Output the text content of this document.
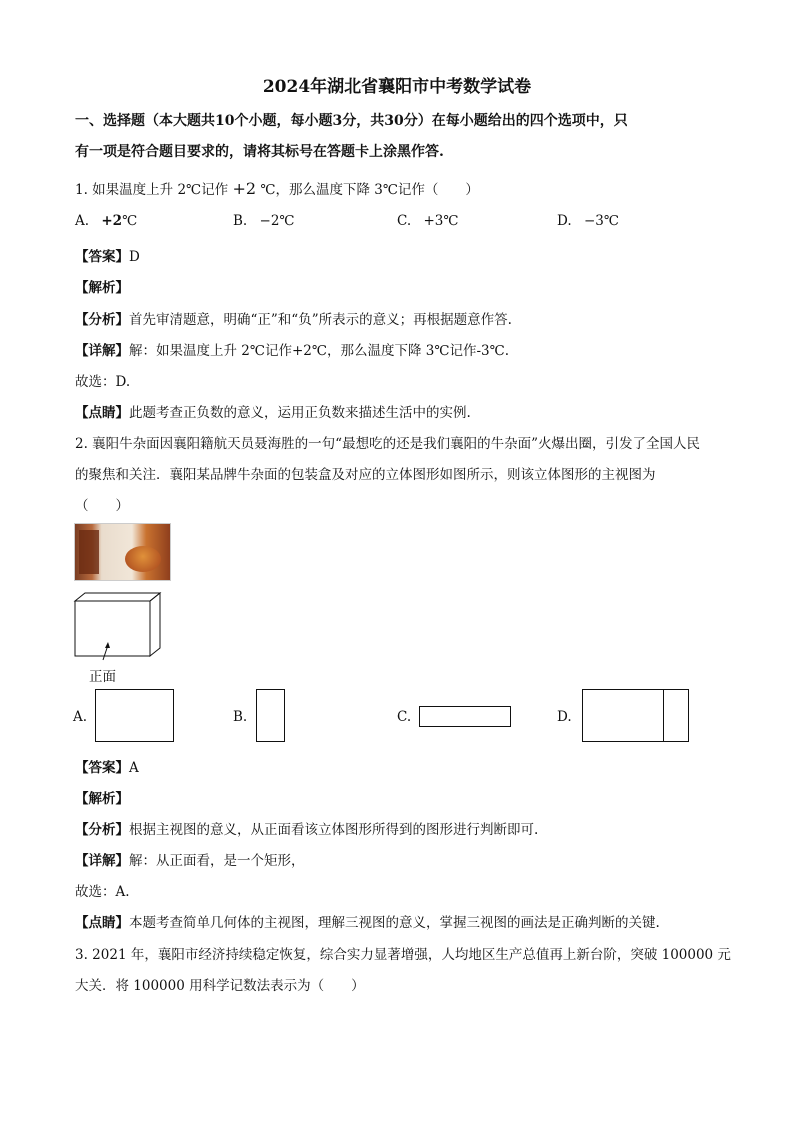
2024年湖北省襄阳市中考数学试卷
一、选择题（本大题共10个小题，每小题3分，共30分）在每小题给出的四个选项中，只
有一项是符合题目要求的，请将其标号在答题卡上涂黑作答.
1. 如果温度上升 2℃记作 +2 ℃，那么温度下降 3℃记作（　　）
A. +2℃	B. −2℃	C. +3℃	D. −3℃
【答案】D
【解析】
【分析】首先审清题意，明确“正”和“负”所表示的意义；再根据题意作答.
【详解】解：如果温度上升 2℃记作+2℃，那么温度下降 3℃记作-3℃.
故选：D.
【点睛】此题考查正负数的意义，运用正负数来描述生活中的实例.
2. 襄阳牛杂面因襄阳籍航天员聂海胜的一句“最想吃的还是我们襄阳的牛杂面”火爆出圈，引发了全国人民
的聚焦和关注．襄阳某品牌牛杂面的包装盒及对应的立体图形如图所示，则该立体图形的主视图为
（　　）
正面
A.	B.	C.	D.
【答案】A
【解析】
【分析】根据主视图的意义，从正面看该立体图形所得到的图形进行判断即可.
【详解】解：从正面看，是一个矩形，
故选：A.
【点睛】本题考查简单几何体的主视图，理解三视图的意义，掌握三视图的画法是正确判断的关键.
3. 2021 年，襄阳市经济持续稳定恢复，综合实力显著增强，人均地区生产总值再上新台阶，突破 100000 元
大关．将 100000 用科学记数法表示为（　　）
